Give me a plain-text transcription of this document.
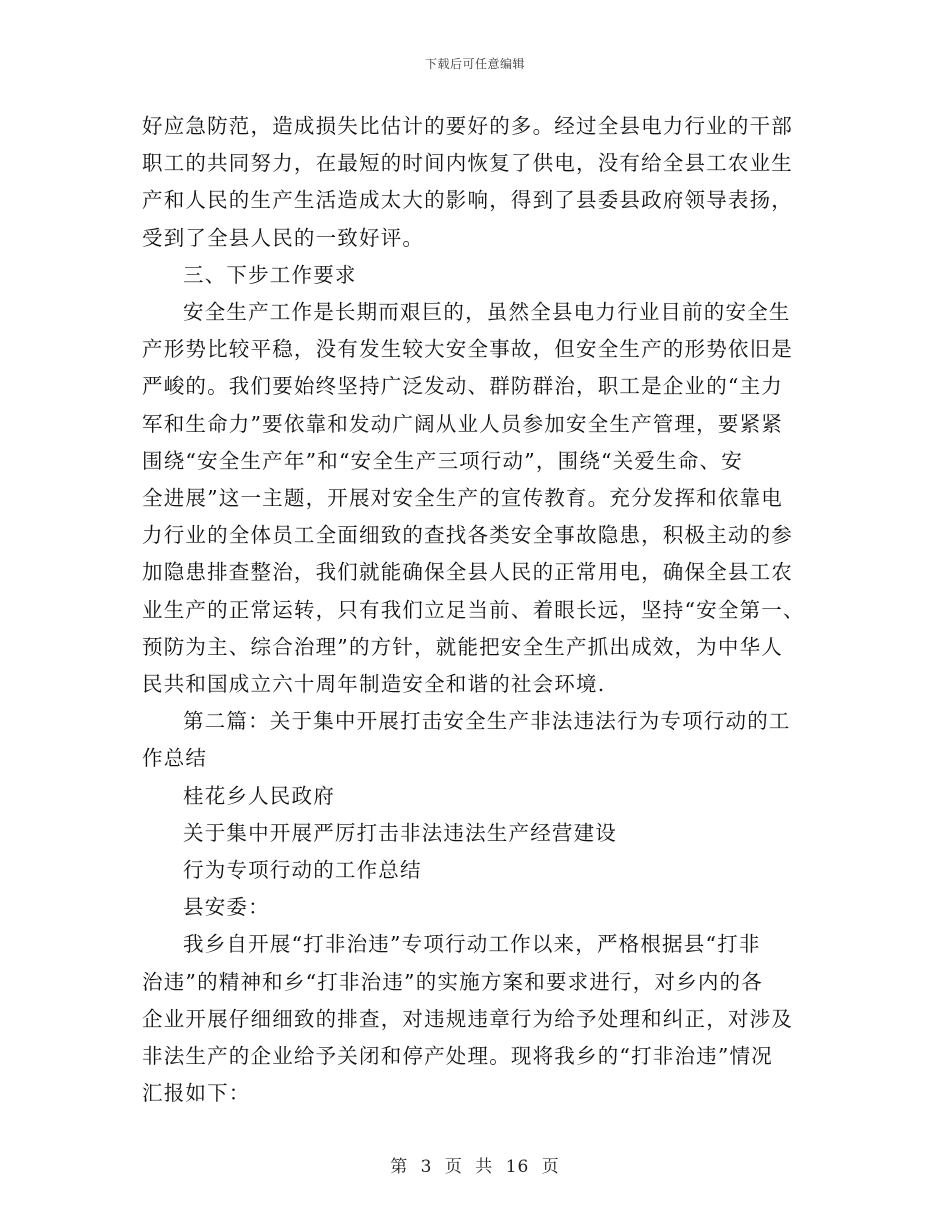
下载后可任意编辑
好应急防范，造成损失比估计的要好的多。经过全县电力行业的干部
职工的共同努力，在最短的时间内恢复了供电，没有给全县工农业生
产和人民的生产生活造成太大的影响，得到了县委县政府领导表扬，
受到了全县人民的一致好评。
三、下步工作要求
安全生产工作是长期而艰巨的，虽然全县电力行业目前的安全生
产形势比较平稳，没有发生较大安全事故，但安全生产的形势依旧是
严峻的。我们要始终坚持广泛发动、群防群治，职工是企业的“主力
军和生命力”要依靠和发动广阔从业人员参加安全生产管理，要紧紧
围绕“安全生产年”和“安全生产三项行动”，围绕“关爱生命、安
全进展”这一主题，开展对安全生产的宣传教育。充分发挥和依靠电
力行业的全体员工全面细致的查找各类安全事故隐患，积极主动的参
加隐患排查整治，我们就能确保全县人民的正常用电，确保全县工农
业生产的正常运转，只有我们立足当前、着眼长远，坚持“安全第一、
预防为主、综合治理”的方针，就能把安全生产抓出成效，为中华人
民共和国成立六十周年制造安全和谐的社会环境.
第二篇：关于集中开展打击安全生产非法违法行为专项行动的工
作总结
桂花乡人民政府
关于集中开展严厉打击非法违法生产经营建设
行为专项行动的工作总结
县安委：
我乡自开展“打非治违”专项行动工作以来，严格根据县“打非
治违”的精神和乡“打非治违”的实施方案和要求进行，对乡内的各
企业开展仔细细致的排查，对违规违章行为给予处理和纠正，对涉及
非法生产的企业给予关闭和停产处理。现将我乡的“打非治违”情况
汇报如下：
第 3 页 共 16 页
